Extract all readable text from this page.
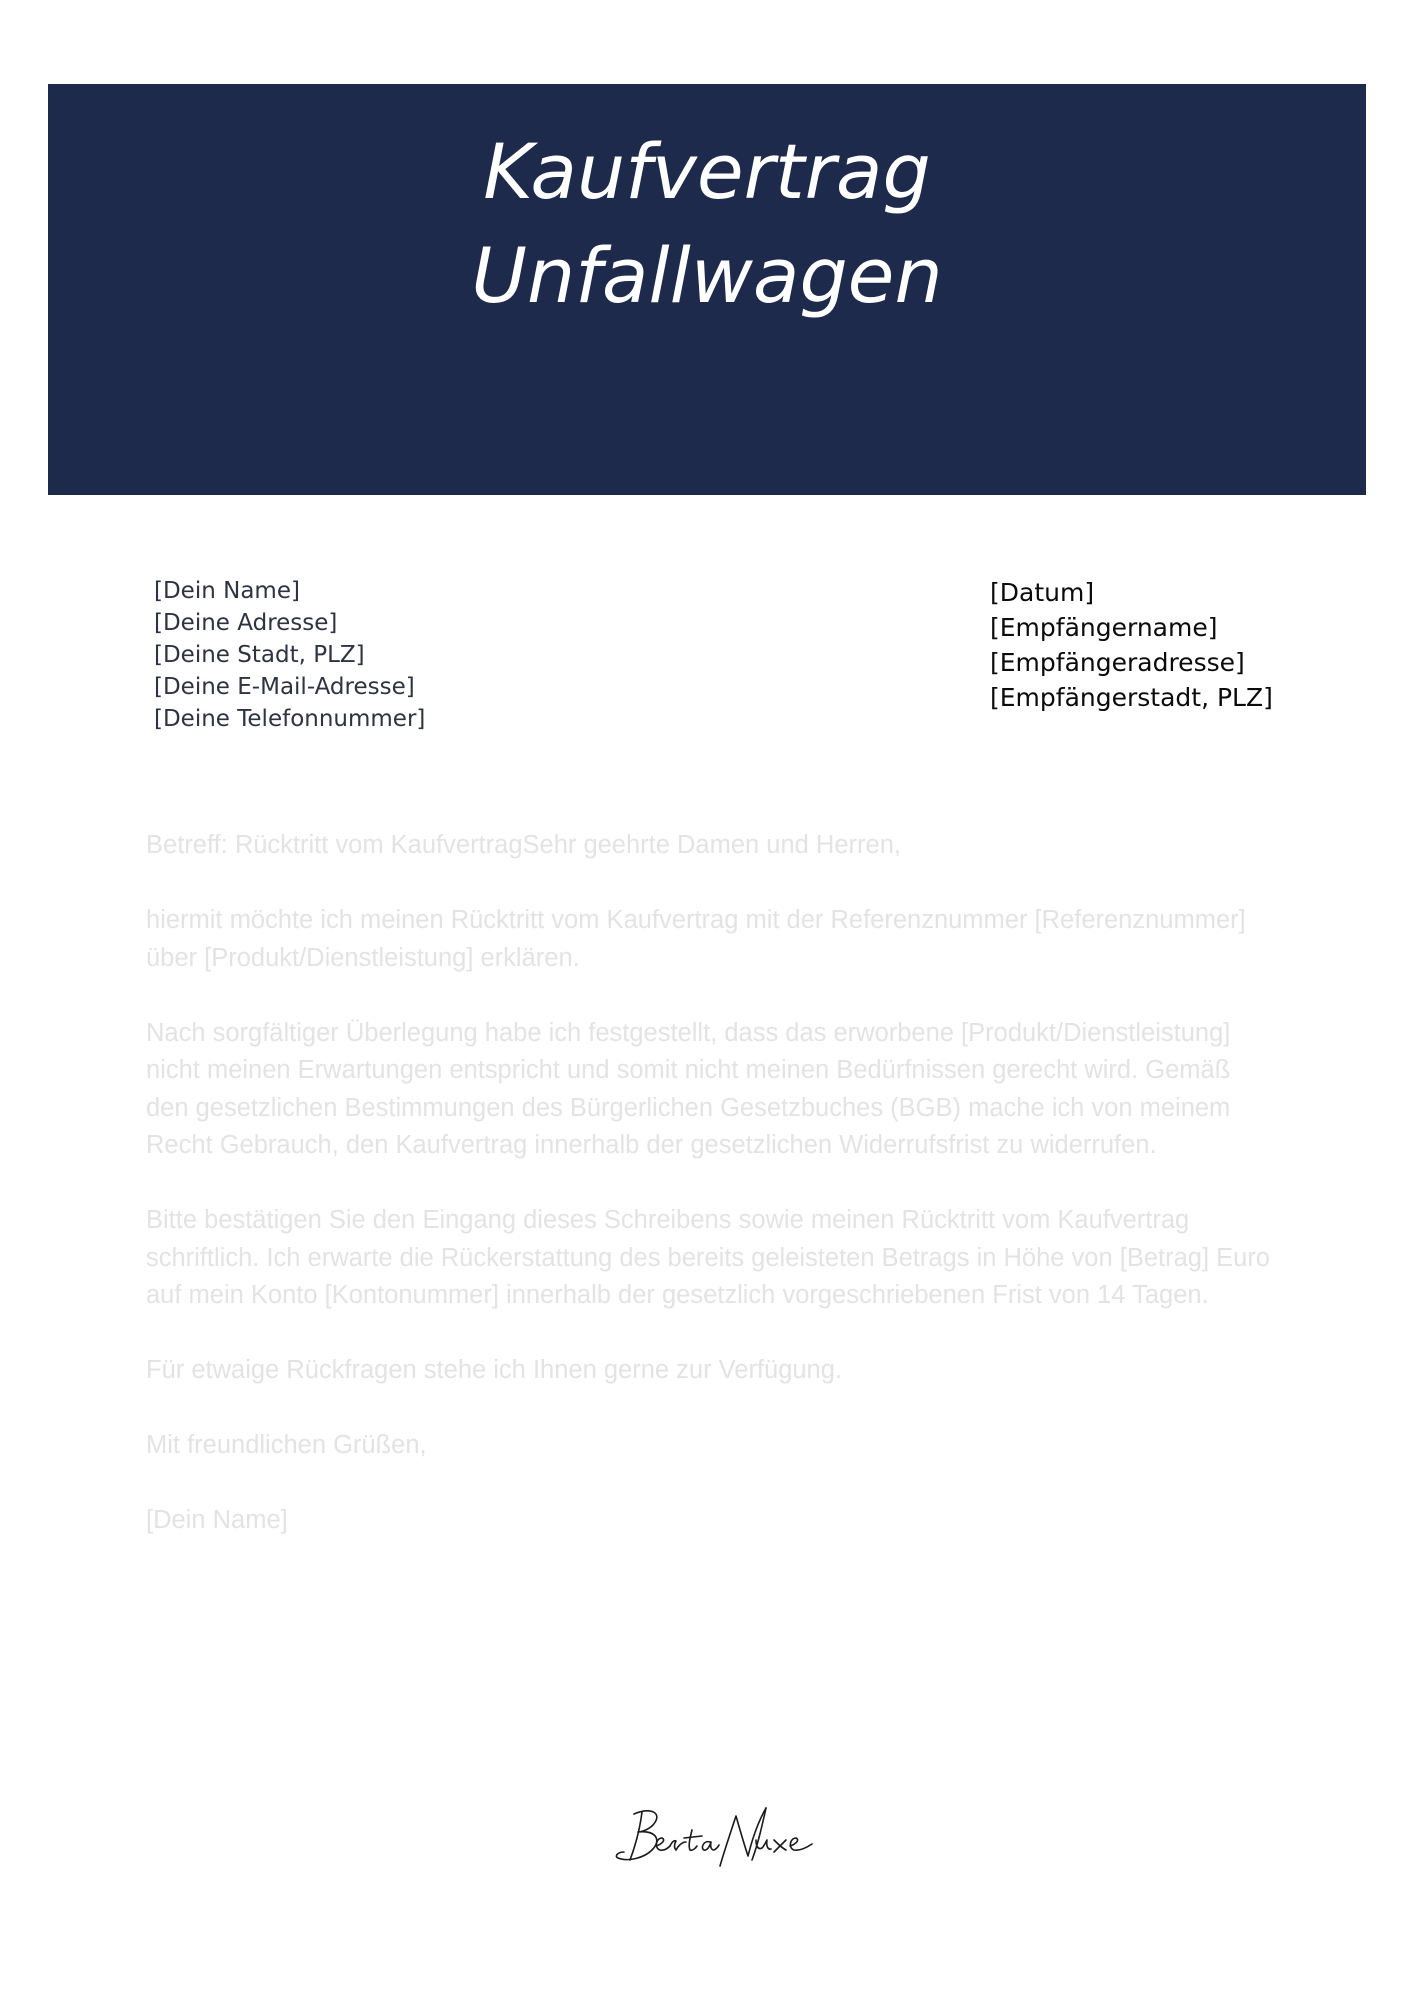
Kaufvertrag
Unfallwagen
[Dein Name]
[Deine Adresse]
[Deine Stadt, PLZ]
[Deine E-Mail-Adresse]
[Deine Telefonnummer]
[Datum]
[Empfängername]
[Empfängeradresse]
[Empfängerstadt, PLZ]

Betreff: Rücktritt vom KaufvertragSehr geehrte Damen und Herren,

hiermit möchte ich meinen Rücktritt vom Kaufvertrag mit der Referenznummer [Referenznummer] über [Produkt/Dienstleistung] erklären.

Nach sorgfältiger Überlegung habe ich festgestellt, dass das erworbene [Produkt/Dienstleistung] nicht meinen Erwartungen entspricht und somit nicht meinen Bedürfnissen gerecht wird. Gemäß den gesetzlichen Bestimmungen des Bürgerlichen Gesetzbuches (BGB) mache ich von meinem Recht Gebrauch, den Kaufvertrag innerhalb der gesetzlichen Widerrufsfrist zu widerrufen.

Bitte bestätigen Sie den Eingang dieses Schreibens sowie meinen Rücktritt vom Kaufvertrag schriftlich. Ich erwarte die Rückerstattung des bereits geleisteten Betrags in Höhe von [Betrag] Euro auf mein Konto [Kontonummer] innerhalb der gesetzlich vorgeschriebenen Frist von 14 Tagen.

Für etwaige Rückfragen stehe ich Ihnen gerne zur Verfügung.

Mit freundlichen Grüßen,

[Dein Name]
